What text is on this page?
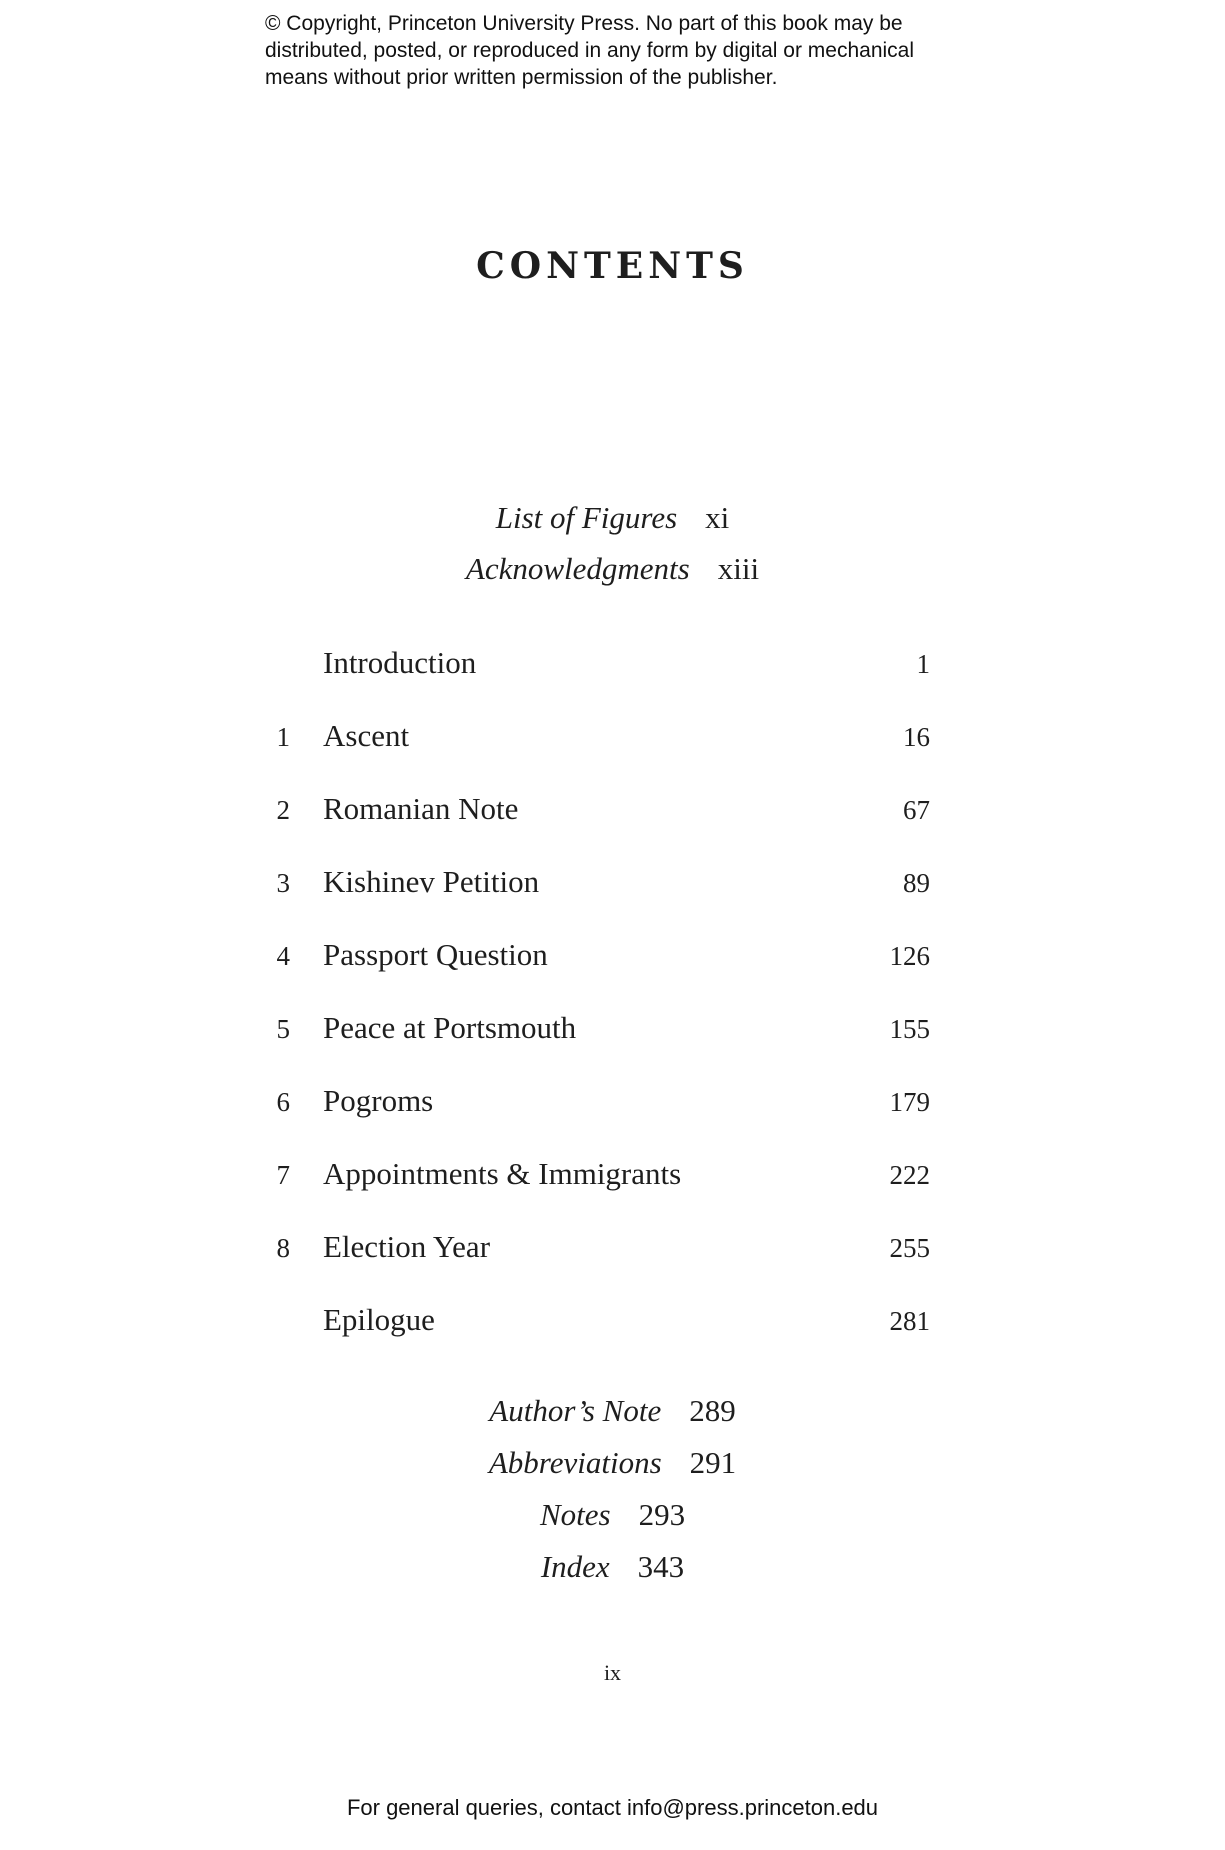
© Copyright, Princeton University Press. No part of this book may be
distributed, posted, or reproduced in any form by digital or mechanical
means without prior written permission of the publisher.
CONTENTS
List of Figures xi
Acknowledgments xiii
Introduction	1
1 Ascent	16
2 Romanian Note	67
3 Kishinev Petition	89
4 Passport Question	126
5 Peace at Portsmouth	155
6 Pogroms	179
7 Appointments & Immigrants	222
8 Election Year	255
Epilogue	281
Author’s Note 289
Abbreviations 291
Notes 293
Index 343
ix
For general queries, contact info@press.princeton.edu
